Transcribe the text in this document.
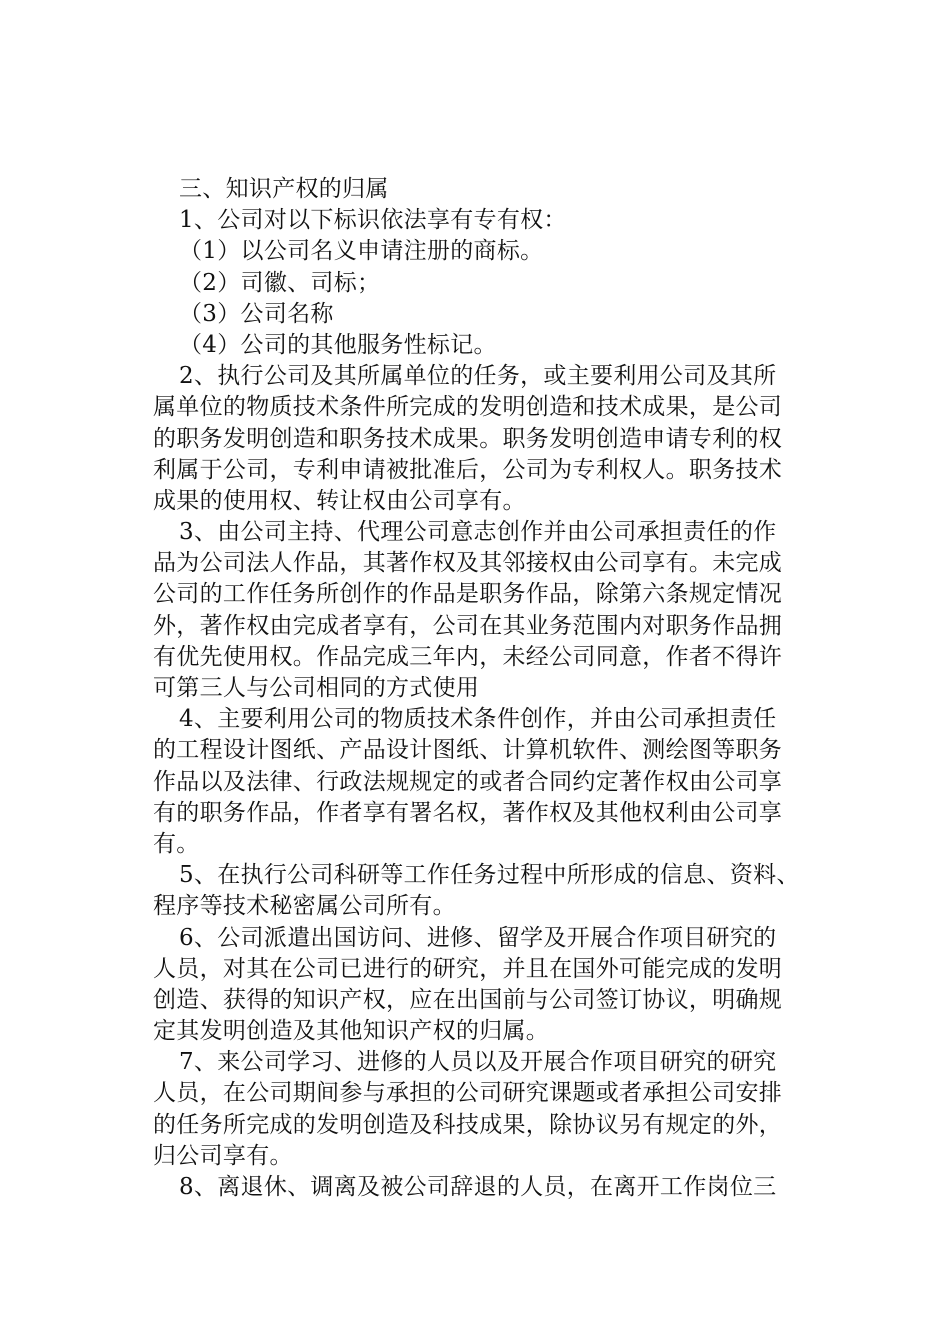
三、知识产权的归属
1、公司对以下标识依法享有专有权：
（1）以公司名义申请注册的商标。
（2）司徽、司标；
（3）公司名称
（4）公司的其他服务性标记。
2、执行公司及其所属单位的任务，或主要利用公司及其所
属单位的物质技术条件所完成的发明创造和技术成果，是公司
的职务发明创造和职务技术成果。职务发明创造申请专利的权
利属于公司，专利申请被批准后，公司为专利权人。职务技术
成果的使用权、转让权由公司享有。
3、由公司主持、代理公司意志创作并由公司承担责任的作
品为公司法人作品，其著作权及其邻接权由公司享有。未完成
公司的工作任务所创作的作品是职务作品，除第六条规定情况
外，著作权由完成者享有，公司在其业务范围内对职务作品拥
有优先使用权。作品完成三年内，未经公司同意，作者不得许
可第三人与公司相同的方式使用
4、主要利用公司的物质技术条件创作，并由公司承担责任
的工程设计图纸、产品设计图纸、计算机软件、测绘图等职务
作品以及法律、行政法规规定的或者合同约定著作权由公司享
有的职务作品，作者享有署名权，著作权及其他权利由公司享
有。
5、在执行公司科研等工作任务过程中所形成的信息、资料、
程序等技术秘密属公司所有。
6、公司派遣出国访问、进修、留学及开展合作项目研究的
人员，对其在公司已进行的研究，并且在国外可能完成的发明
创造、获得的知识产权，应在出国前与公司签订协议，明确规
定其发明创造及其他知识产权的归属。
7、来公司学习、进修的人员以及开展合作项目研究的研究
人员，在公司期间参与承担的公司研究课题或者承担公司安排
的任务所完成的发明创造及科技成果，除协议另有规定的外，
归公司享有。
8、离退休、调离及被公司辞退的人员，在离开工作岗位三
